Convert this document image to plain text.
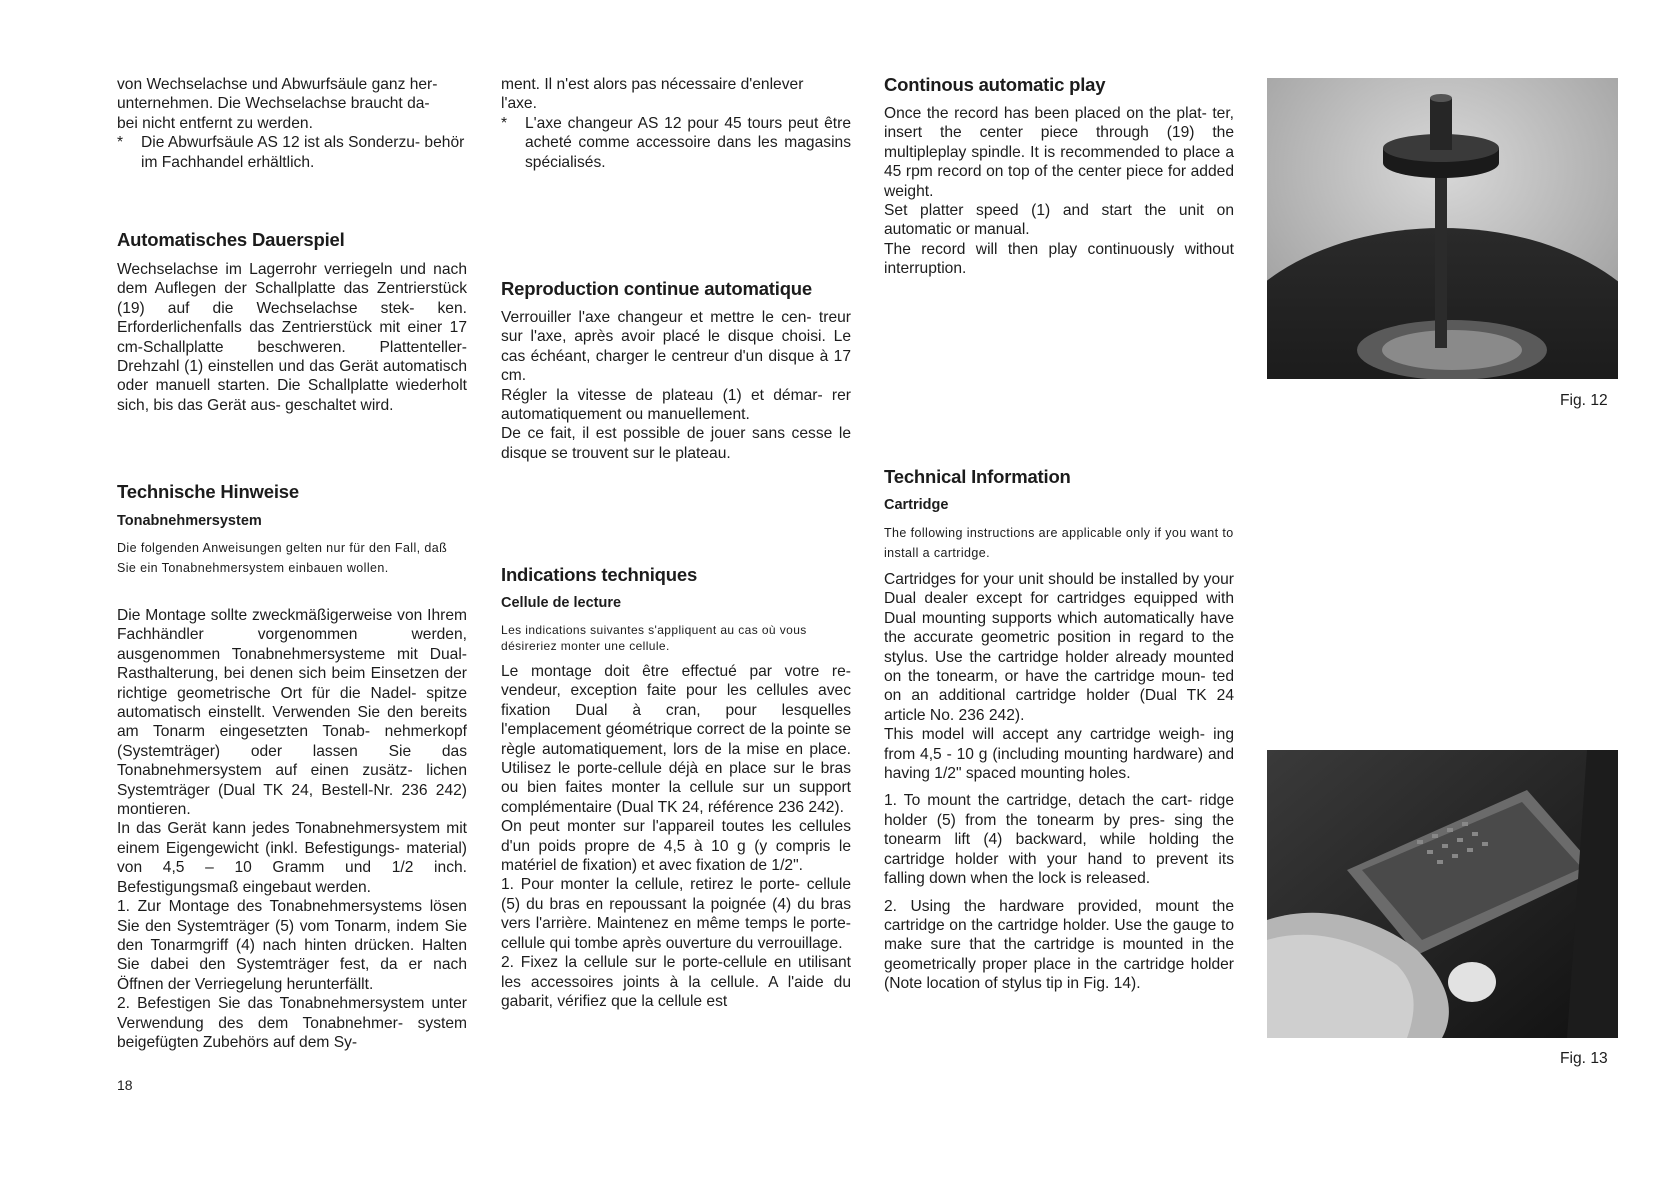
von Wechselachse und Abwurfsäule ganz her-

unternehmen. Die Wechselachse braucht da-

bei nicht entfernt zu werden.

*	Die Abwurfsäule AS 12 ist als Sonderzu- behör im Fachhandel erhältlich.
Automatisches Dauerspiel

Wechselachse im Lagerrohr verriegeln und nach dem Auflegen der Schallplatte das Zentrierstück (19) auf die Wechselachse stek- ken. Erforderlichenfalls das Zentrierstück mit einer 17 cm-Schallplatte beschweren. Plattenteller-Drehzahl (1) einstellen und das Gerät automatisch oder manuell starten. Die Schallplatte wiederholt sich, bis das Gerät aus- geschaltet wird.

Technische Hinweise
Tonabnehmersystem
Die folgenden Anweisungen gelten nur für den Fall, daß Sie ein Tonabnehmersystem einbauen wollen.

Die Montage sollte zweckmäßigerweise von Ihrem Fachhändler vorgenommen werden, ausgenommen Tonabnehmersysteme mit Dual-Rasthalterung, bei denen sich beim Einsetzen der richtige geometrische Ort für die Nadel- spitze automatisch einstellt. Verwenden Sie den bereits am Tonarm eingesetzten Tonab- nehmerkopf (Systemträger) oder lassen Sie das Tonabnehmersystem auf einen zusätz- lichen Systemträger (Dual TK 24, Bestell-Nr. 236 242) montieren.

In das Gerät kann jedes Tonabnehmersystem mit einem Eigengewicht (inkl. Befestigungs- material) von 4,5 – 10 Gramm und 1/2 inch. Befestigungsmaß eingebaut werden.

1. Zur Montage des Tonabnehmersystems lösen Sie den Systemträger (5) vom Tonarm, indem Sie den Tonarmgriff (4) nach hinten drücken. Halten Sie dabei den Systemträger fest, da er nach Öffnen der Verriegelung herunterfällt.

2. Befestigen Sie das Tonabnehmersystem unter Verwendung des dem Tonabnehmer- system beigefügten Zubehörs auf dem Sy-

ment. Il n'est alors pas nécessaire d'enlever

l'axe.

*	L'axe changeur AS 12 pour 45 tours peut être acheté comme accessoire dans les magasins spécialisés.
Reproduction continue automatique

Verrouiller l'axe changeur et mettre le cen- treur sur l'axe, après avoir placé le disque choisi. Le cas échéant, charger le centreur d'un disque à 17 cm.

Régler la vitesse de plateau (1) et démar- rer automatiquement ou manuellement.

De ce fait, il est possible de jouer sans cesse le disque se trouvent sur le plateau.

Indications techniques
Cellule de lecture
Les indications suivantes s'appliquent au cas où vous désireriez monter une cellule.

Le montage doit être effectué par votre re- vendeur, exception faite pour les cellules avec fixation Dual à cran, pour lesquelles l'emplacement géométrique correct de la pointe se règle automatiquement, lors de la mise en place. Utilisez le porte-cellule déjà en place sur le bras ou bien faites monter la cellule sur un support complémentaire (Dual TK 24, référence 236 242).

On peut monter sur l'appareil toutes les cellules d'un poids propre de 4,5 à 10 g (y compris le matériel de fixation) et avec fixation de 1/2".

1. Pour monter la cellule, retirez le porte- cellule (5) du bras en repoussant la poignée (4) du bras vers l'arrière. Maintenez en même temps le porte-cellule qui tombe après ouverture du verrouillage.

2. Fixez la cellule sur le porte-cellule en utilisant les accessoires joints à la cellule. A l'aide du gabarit, vérifiez que la cellule est

Continous automatic play

Once the record has been placed on the plat- ter, insert the center piece through (19) the multipleplay spindle. It is recommended to place a 45 rpm record on top of the center piece for added weight.

Set platter speed (1) and start the unit on automatic or manual.

The record will then play continuously without interruption.

Technical Information
Cartridge
The following instructions are applicable only if you want to install a cartridge.

Cartridges for your unit should be installed by your Dual dealer except for cartridges equipped with Dual mounting supports which automatically have the accurate geometric position in regard to the stylus. Use the cartridge holder already mounted on the tonearm, or have the cartridge moun- ted on an additional cartridge holder (Dual TK 24 article No. 236 242).

This model will accept any cartridge weigh- ing from 4,5 - 10 g (including mounting hardware) and having 1/2" spaced mounting holes.

1. To mount the cartridge, detach the cart- ridge holder (5) from the tonearm by pres- sing the tonearm lift (4) backward, while holding the cartridge holder with your hand to prevent its falling down when the lock is released.

2. Using the hardware provided, mount the cartridge on the cartridge holder. Use the gauge to make sure that the cartridge is mounted in the geometrically proper place in the cartridge holder (Note location of stylus tip in Fig. 14).

Fig. 12
Fig. 13
18
